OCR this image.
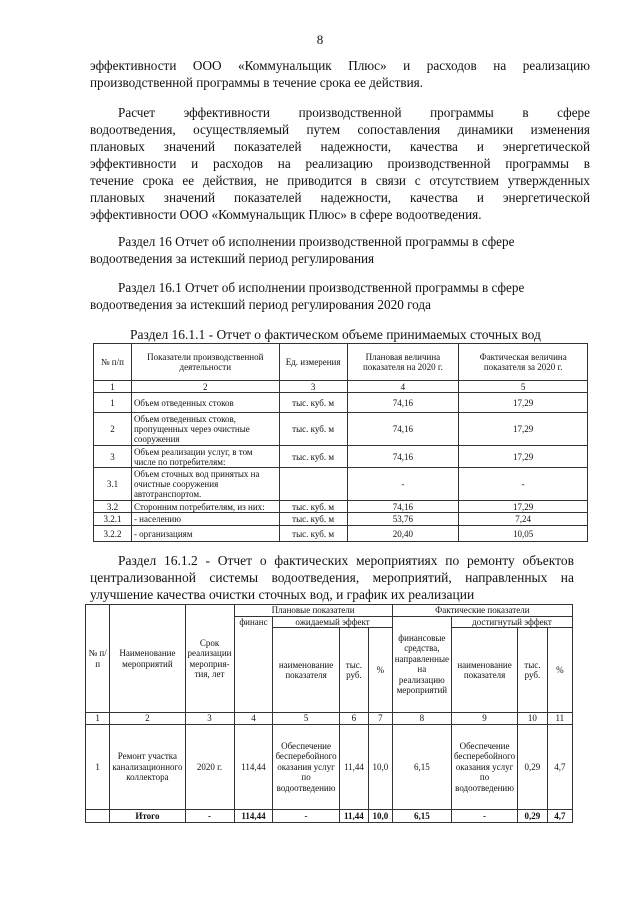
8
эффективности ООО «Коммунальщик Плюс» и расходов на реализацию
производственной программы в течение срока ее действия.
Расчет эффективности производственной программы в сфере
водоотведения, осуществляемый путем сопоставления динамики изменения
плановых значений показателей надежности, качества и энергетической
эффективности и расходов на реализацию производственной программы в
течение срока ее действия, не приводится в связи с отсутствием утвержденных
плановых значений показателей надежности, качества и энергетической
эффективности ООО «Коммунальщик Плюс» в сфере водоотведения.
Раздел 16 Отчет об исполнении производственной программы в сфере
водоотведения за истекший период регулирования
Раздел 16.1 Отчет об исполнении производственной программы в сфере
водоотведения за истекший период регулирования 2020 года
Раздел 16.1.1 - Отчет о фактическом объеме принимаемых сточных вод
№ п/п	Показатели производственной деятельности	Ед. измерения	Плановая величина показателя на 2020 г.	Фактическая величина показателя за 2020 г.
1	2	3	4	5
1	Объем отведенных стоков	тыс. куб. м	74,16	17,29
2	Объем отведенных стоков, пропущенных через очистные сооружения	тыс. куб. м	74,16	17,29
3	Объем реализации услуг, в том числе по потребителям:	тыс. куб. м	74,16	17,29
3.1	Объем сточных вод принятых на очистные сооружения автотранспортом.		-	-
3.2	Сторонним потребителям, из них:	тыс. куб. м	74,16	17,29
3.2.1	- населению	тыс. куб. м	53,76	7,24
3.2.2	- организациям	тыс. куб. м	20,40	10,05
Раздел 16.1.2 - Отчет о фактических мероприятиях по ремонту объектов
централизованной системы водоотведения, мероприятий, направленных на
улучшение качества очистки сточных вод, и график их реализации
№ п/п	Наименование мероприятий	Срок реализации мероприя-тия, лет	Плановые показатели				Фактические показатели			
			финанс	ожидаемый эффект			финансовые средства, направленные на реализацию мероприятий	достигнутый эффект		
				наименование показателя	тыс. руб.	%		наименование показателя	тыс. руб.	%
1	2	3	4	5	6	7	8	9	10	11
1	Ремонт участка канализационного коллектора	2020 г.	114,44	Обеспечение бесперебойного оказания услуг по водоотведению	11,44	10,0	6,15	Обеспечение бесперебойного оказания услуг по водоотведению	0,29	4,7
	Итого	-	114,44	-	11,44	10,0	6,15	-	0,29	4,7
